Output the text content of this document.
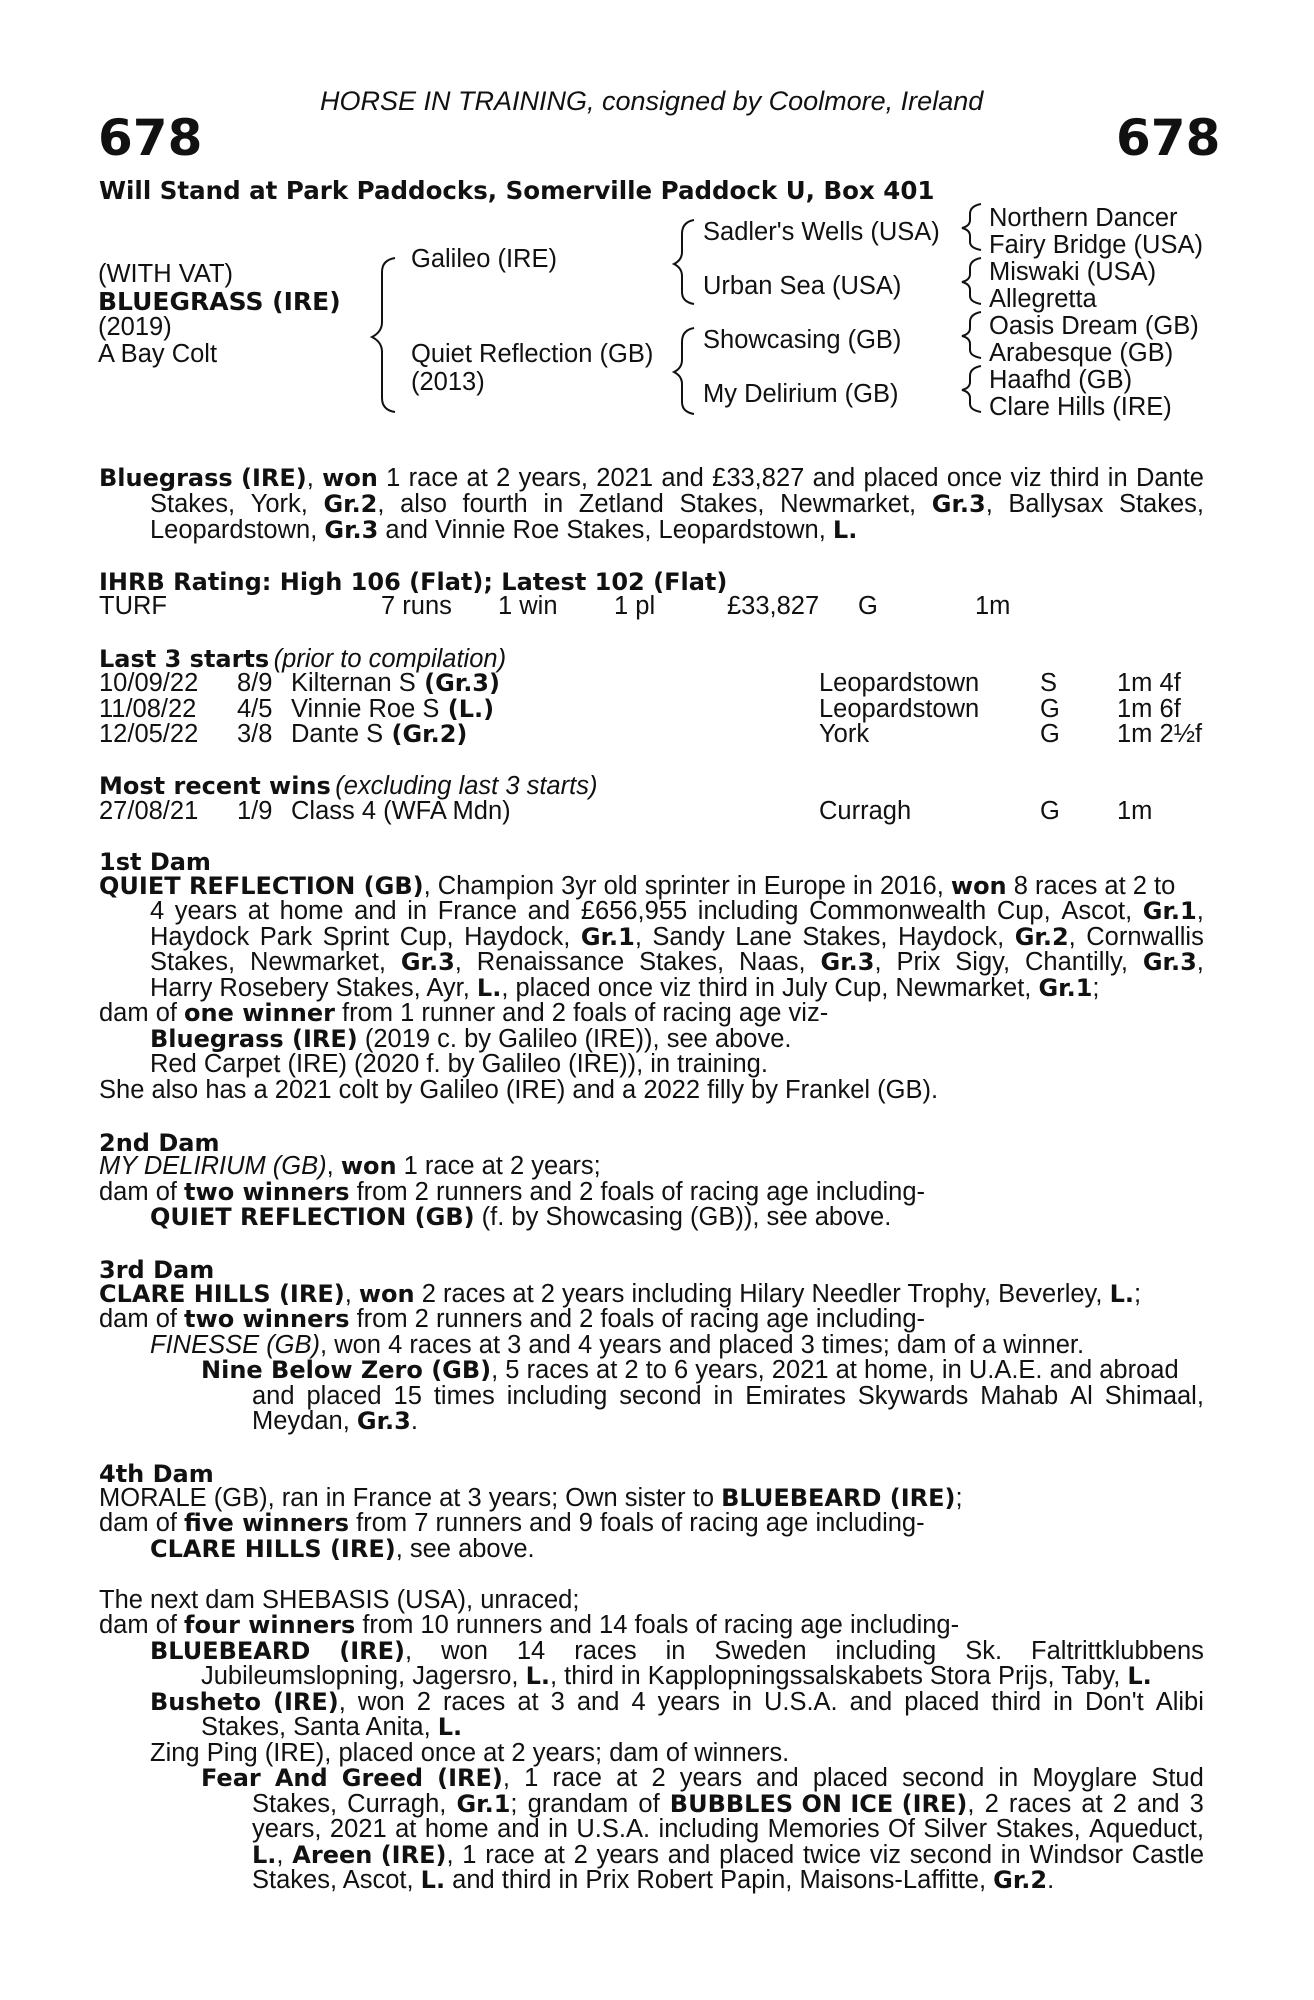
HORSE IN TRAINING, consigned by Coolmore, Ireland
678	678
Will Stand at Park Paddocks, Somerville Paddock U, Box 401
(WITH VAT)
BLUEGRASS (IRE)
(2019)
A Bay Colt
Galileo (IRE)
Quiet Reflection (GB)
(2013)
Sadler's Wells (USA)
Urban Sea (USA)
Showcasing (GB)
My Delirium (GB)
Northern Dancer
Fairy Bridge (USA)
Miswaki (USA)
Allegretta
Oasis Dream (GB)
Arabesque (GB)
Haafhd (GB)
Clare Hills (IRE)
Bluegrass (IRE), won 1 race at 2 years, 2021 and £33,827 and placed once viz third in Dante
Stakes, York, Gr.2, also fourth in Zetland Stakes, Newmarket, Gr.3, Ballysax Stakes,
Leopardstown, Gr.3 and Vinnie Roe Stakes, Leopardstown, L.
IHRB Rating: High 106 (Flat); Latest 102 (Flat)
TURF	7 runs 1 win 1 pl	£33,827 G	1m
Last 3 starts (prior to compilation)
10/09/22 8/9 Kilternan S (Gr.3)	Leopardstown S 1m 4f
11/08/22 4/5 Vinnie Roe S (L.)	Leopardstown G 1m 6f
12/05/22 3/8 Dante S (Gr.2)	York	G 1m 2½f
Most recent wins (excluding last 3 starts)
27/08/21 1/9 Class 4 (WFA Mdn)	Curragh	G 1m
1st Dam
QUIET REFLECTION (GB), Champion 3yr old sprinter in Europe in 2016, won 8 races at 2 to
4 years at home and in France and £656,955 including Commonwealth Cup, Ascot, Gr.1,
Haydock Park Sprint Cup, Haydock, Gr.1, Sandy Lane Stakes, Haydock, Gr.2, Cornwallis
Stakes, Newmarket, Gr.3, Renaissance Stakes, Naas, Gr.3, Prix Sigy, Chantilly, Gr.3,
Harry Rosebery Stakes, Ayr, L., placed once viz third in July Cup, Newmarket, Gr.1;
dam of one winner from 1 runner and 2 foals of racing age viz-
Bluegrass (IRE) (2019 c. by Galileo (IRE)), see above.
Red Carpet (IRE) (2020 f. by Galileo (IRE)), in training.
She also has a 2021 colt by Galileo (IRE) and a 2022 filly by Frankel (GB).
2nd Dam
MY DELIRIUM (GB), won 1 race at 2 years;
dam of two winners from 2 runners and 2 foals of racing age including-
QUIET REFLECTION (GB) (f. by Showcasing (GB)), see above.
3rd Dam
CLARE HILLS (IRE), won 2 races at 2 years including Hilary Needler Trophy, Beverley, L.;
dam of two winners from 2 runners and 2 foals of racing age including-
FINESSE (GB), won 4 races at 3 and 4 years and placed 3 times; dam of a winner.
Nine Below Zero (GB), 5 races at 2 to 6 years, 2021 at home, in U.A.E. and abroad
and placed 15 times including second in Emirates Skywards Mahab Al Shimaal,
Meydan, Gr.3.
4th Dam
MORALE (GB), ran in France at 3 years; Own sister to BLUEBEARD (IRE);
dam of five winners from 7 runners and 9 foals of racing age including-
CLARE HILLS (IRE), see above.
The next dam SHEBASIS (USA), unraced;
dam of four winners from 10 runners and 14 foals of racing age including-
BLUEBEARD (IRE), won 14 races in Sweden including Sk. Faltrittklubbens
Jubileumslopning, Jagersro, L., third in Kapplopningssalskabets Stora Prijs, Taby, L.
Busheto (IRE), won 2 races at 3 and 4 years in U.S.A. and placed third in Don't Alibi
Stakes, Santa Anita, L.
Zing Ping (IRE), placed once at 2 years; dam of winners.
Fear And Greed (IRE), 1 race at 2 years and placed second in Moyglare Stud
Stakes, Curragh, Gr.1; grandam of BUBBLES ON ICE (IRE), 2 races at 2 and 3
years, 2021 at home and in U.S.A. including Memories Of Silver Stakes, Aqueduct,
L., Areen (IRE), 1 race at 2 years and placed twice viz second in Windsor Castle
Stakes, Ascot, L. and third in Prix Robert Papin, Maisons-Laffitte, Gr.2.
